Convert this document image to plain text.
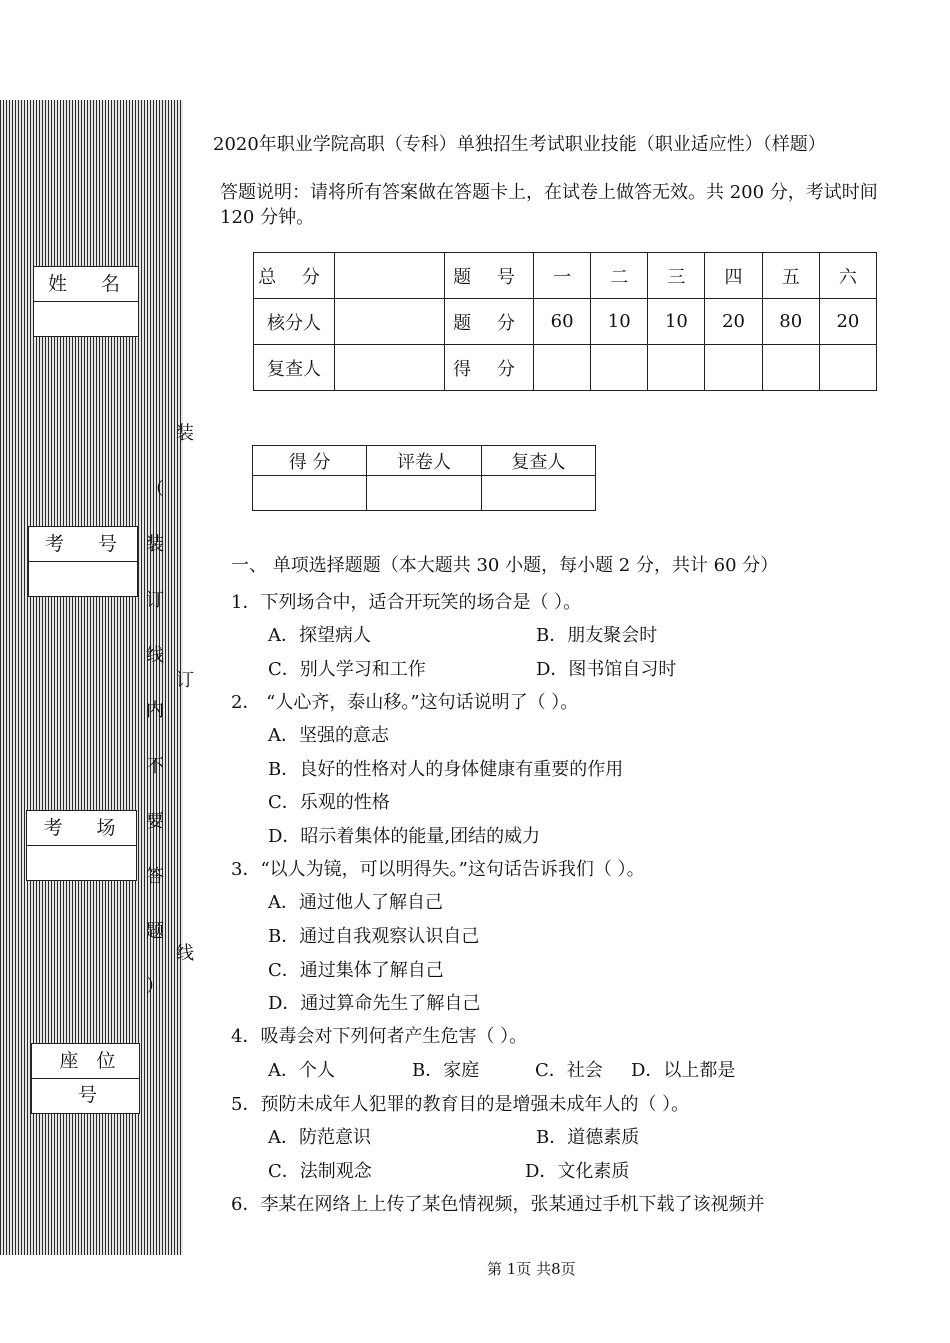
姓 名
考 号
考 场
座 位 号
装
订
线
（
装
订
线
内
不
要
答
题
）
2020年职业学院高职（专科）单独招生考试职业技能（职业适应性）（样题）
答题说明：请将所有答案做在答题卡上，在试卷上做答无效。共 200 分，考试时间 120 分钟。
总 分		题 号	一	二	三	四	五	六
核分人		题 分	60	10	10	20	80	20
复查人		得 分						
得 分	评卷人	复查人

一、 单项选择题题（本大题共 30 小题，每小题 2 分，共计 60 分）
1．下列场合中，适合开玩笑的场合是（ ）。
A．探望病人	B．朋友聚会时
C．别人学习和工作	D．图书馆自习时
2． “人心齐，泰山移。”这句话说明了（ ）。
A．坚强的意志
B．良好的性格对人的身体健康有重要的作用
C．乐观的性格
D．昭示着集体的能量,团结的威力
3．“以人为镜，可以明得失。”这句话告诉我们（ ）。
A．通过他人了解自己
B．通过自我观察认识自己
C．通过集体了解自己
D．通过算命先生了解自己
4．吸毒会对下列何者产生危害（ ）。
A．个人	B．家庭	C．社会 D．以上都是
5．预防未成年人犯罪的教育目的是增强未成年人的（ ）。
A．防范意识	B．道德素质
C．法制观念	D．文化素质
6．李某在网络上上传了某色情视频，张某通过手机下载了该视频并
第 1页 共8页
